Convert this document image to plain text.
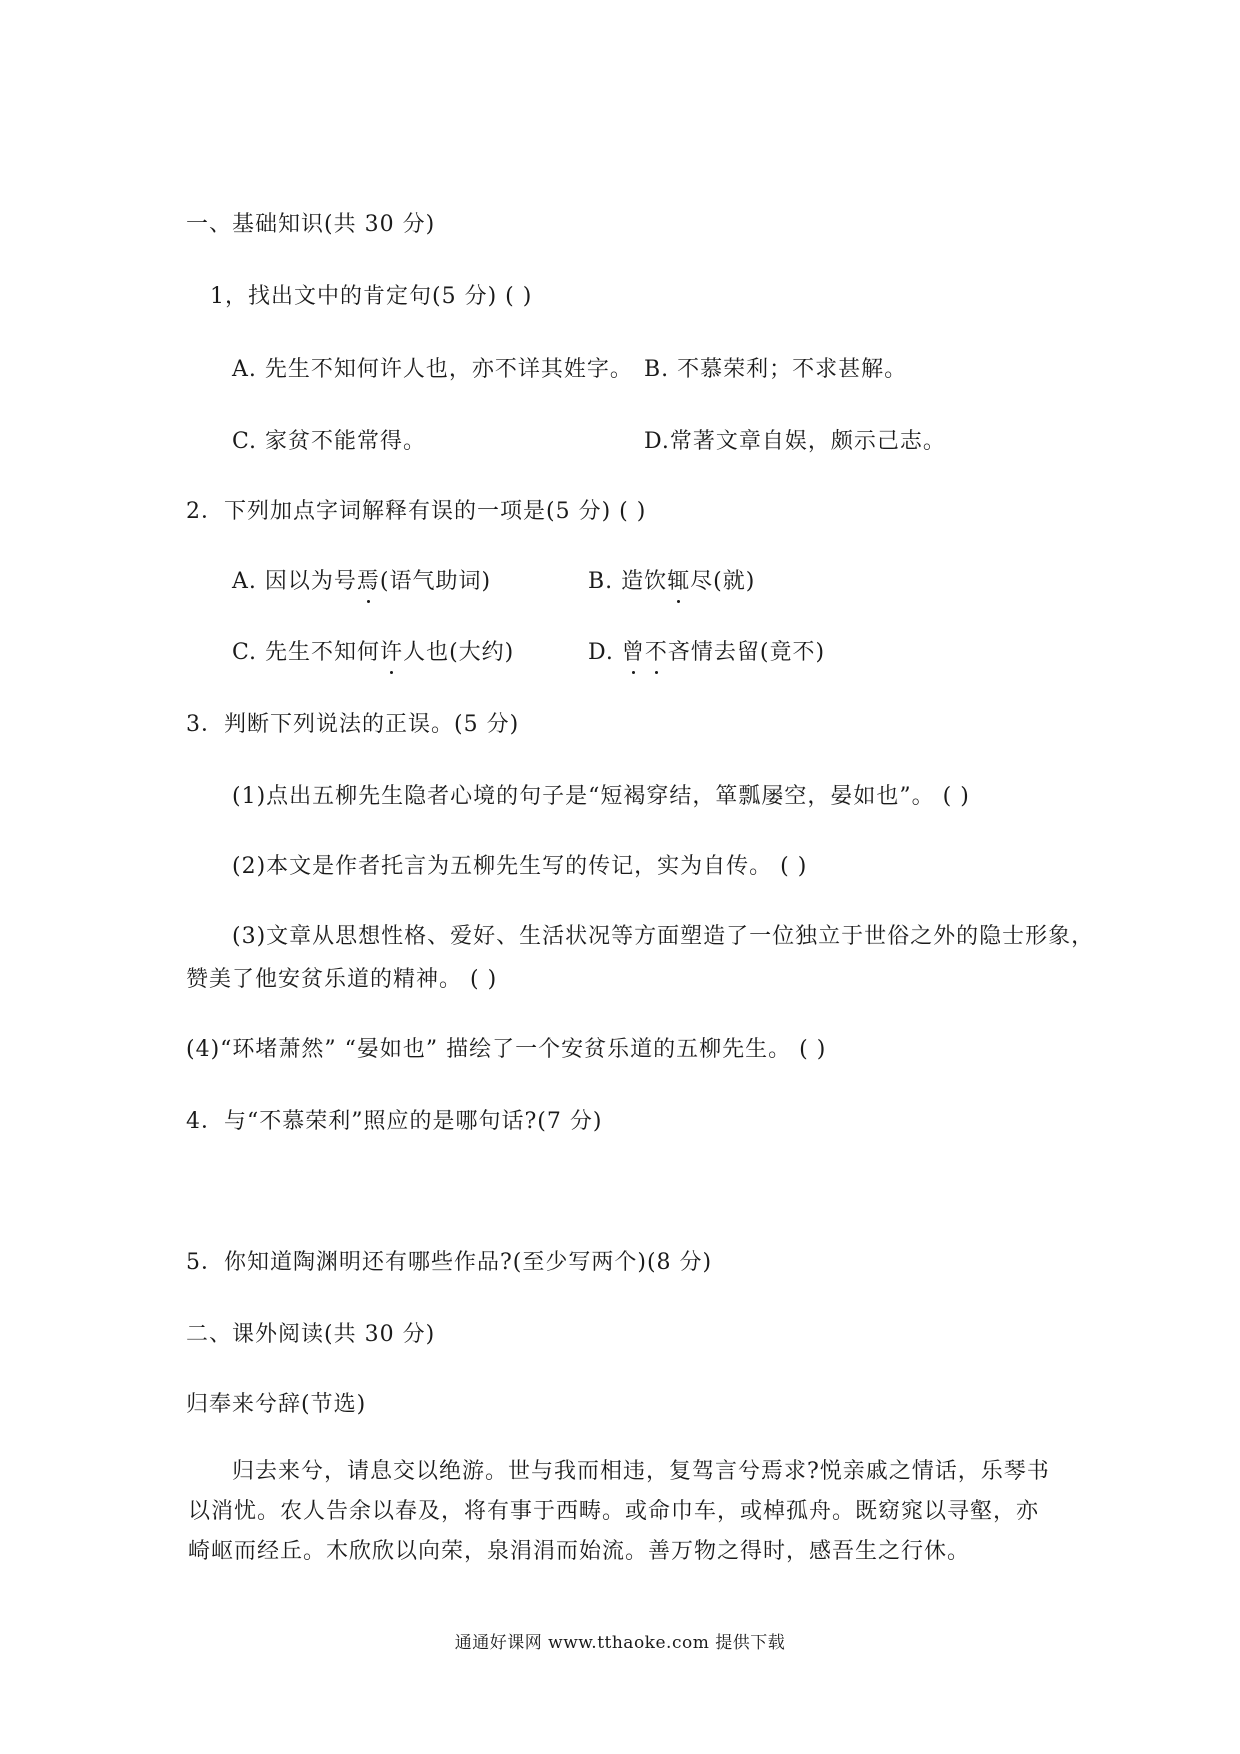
一、基础知识(共 30 分)
1，找出文中的肯定句(5 分) ( )
A. 先生不知何许人也，亦不详其姓字。 B. 不慕荣利；不求甚解。
C. 家贫不能常得。	D.常著文章自娱，颇示己志。
2．下列加点字词解释有误的一项是(5 分) ( )
A. 因以为号焉(语气助词)	B. 造饮辄尽(就)
C. 先生不知何许人也(大约)	D. 曾不吝情去留(竟不)
3．判断下列说法的正误。(5 分)
(1)点出五柳先生隐者心境的句子是“短褐穿结，箪瓢屡空，晏如也”。 ( )
(2)本文是作者托言为五柳先生写的传记，实为自传。 ( )
(3)文章从思想性格、爱好、生活状况等方面塑造了一位独立于世俗之外的隐士形象，
赞美了他安贫乐道的精神。 ( )
(4)“环堵萧然” “晏如也” 描绘了一个安贫乐道的五柳先生。 ( )
4．与“不慕荣利”照应的是哪句话?(7 分)
5．你知道陶渊明还有哪些作品?(至少写两个)(8 分)
二、课外阅读(共 30 分)
归奉来兮辞(节选)
归去来兮，请息交以绝游。世与我而相违，复驾言兮焉求?悦亲戚之情话，乐琴书以消忧。农人告余以春及，将有事于西畴。或命巾车，或棹孤舟。既窈窕以寻壑，亦崎岖而经丘。木欣欣以向荣，泉涓涓而始流。善万物之得时，感吾生之行休。
通通好课网 www.tthaoke.com 提供下载
